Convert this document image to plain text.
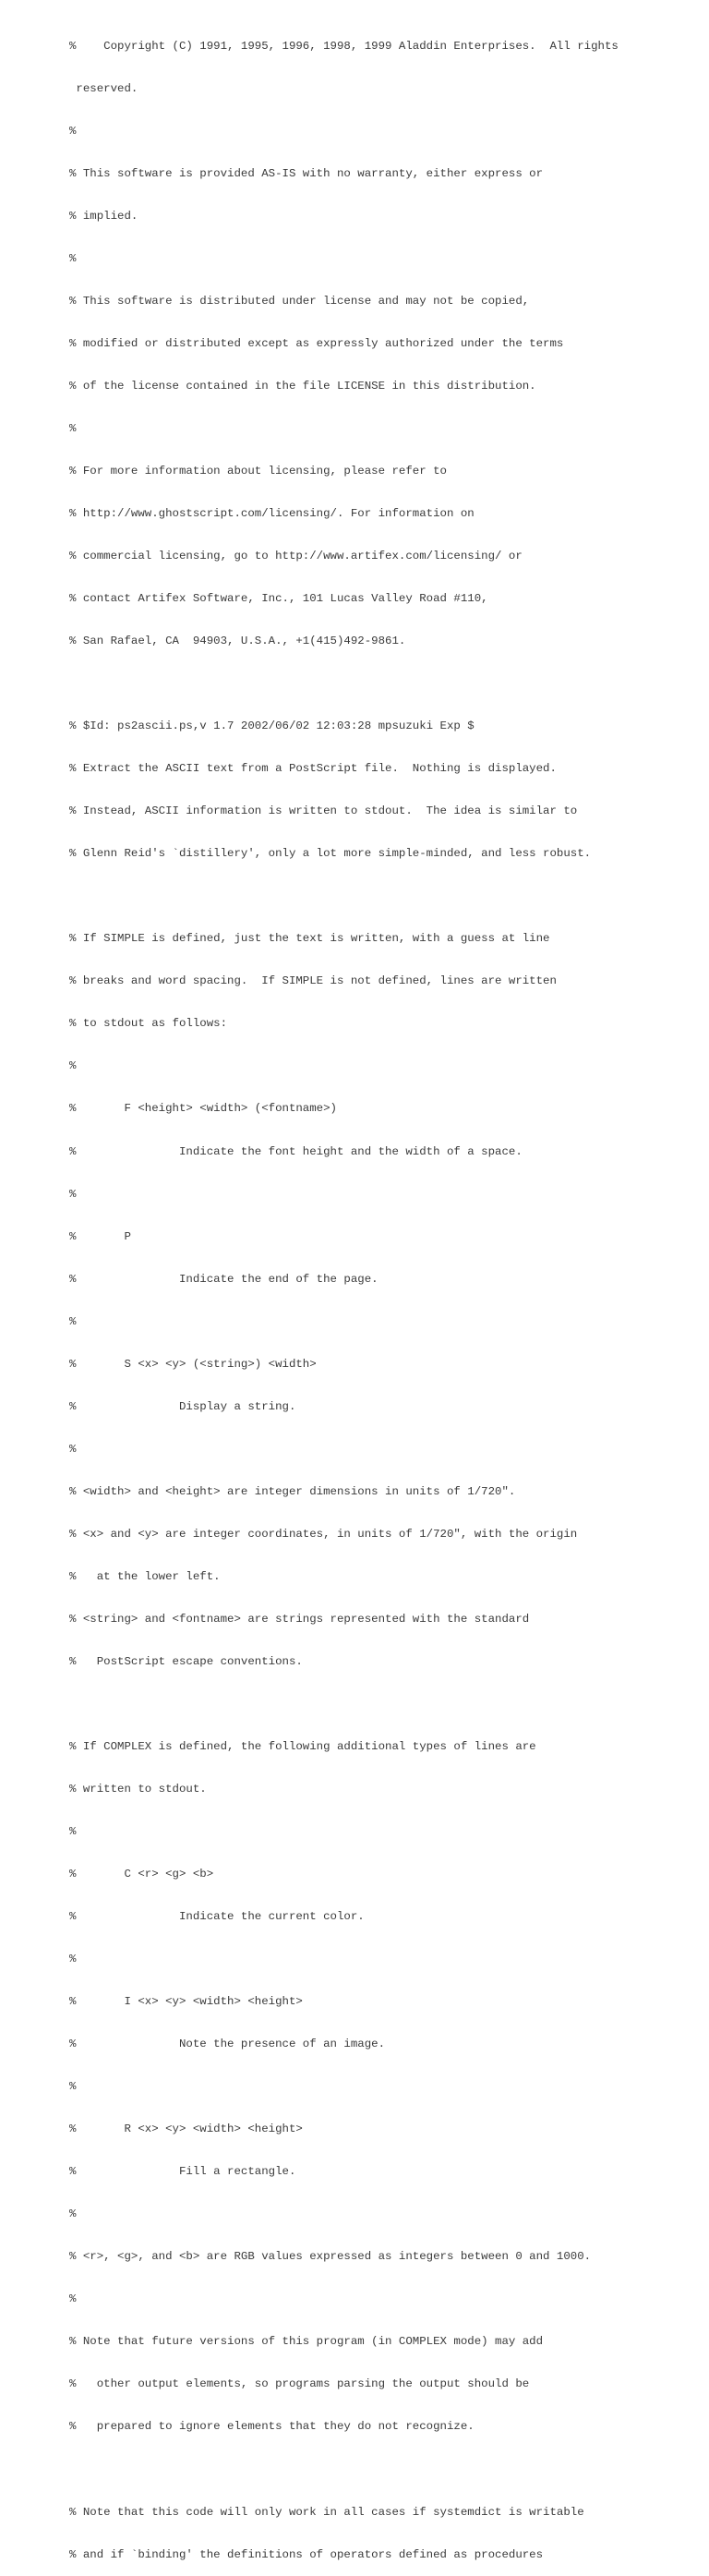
%    Copyright (C) 1991, 1995, 1996, 1998, 1999 Aladdin Enterprises.  All rights

reserved.

%

% This software is provided AS-IS with no warranty, either express or

% implied.

%

% This software is distributed under license and may not be copied,

% modified or distributed except as expressly authorized under the terms

% of the license contained in the file LICENSE in this distribution.

%

% For more information about licensing, please refer to

% http://www.ghostscript.com/licensing/. For information on

% commercial licensing, go to http://www.artifex.com/licensing/ or

% contact Artifex Software, Inc., 101 Lucas Valley Road #110,

% San Rafael, CA  94903, U.S.A., +1(415)492-9861.

% $Id: ps2ascii.ps,v 1.7 2002/06/02 12:03:28 mpsuzuki Exp $

% Extract the ASCII text from a PostScript file.  Nothing is displayed.

% Instead, ASCII information is written to stdout.  The idea is similar to

% Glenn Reid's `distillery', only a lot more simple-minded, and less robust.

% If SIMPLE is defined, just the text is written, with a guess at line

% breaks and word spacing.  If SIMPLE is not defined, lines are written

% to stdout as follows:

%

%       F <height> <width> (<fontname>)

%               Indicate the font height and the width of a space.

%

%       P

%               Indicate the end of the page.

%

%       S <x> <y> (<string>) <width>

%               Display a string.

%

% <width> and <height> are integer dimensions in units of 1/720".

% <x> and <y> are integer coordinates, in units of 1/720", with the origin

%   at the lower left.

% <string> and <fontname> are strings represented with the standard

%   PostScript escape conventions.

% If COMPLEX is defined, the following additional types of lines are

% written to stdout.

%

%       C <r> <g> <b>

%               Indicate the current color.

%

%       I <x> <y> <width> <height>

%               Note the presence of an image.

%

%       R <x> <y> <width> <height>

%               Fill a rectangle.

%

% <r>, <g>, and <b> are RGB values expressed as integers between 0 and 1000.

%

% Note that future versions of this program (in COMPLEX mode) may add

%   other output elements, so programs parsing the output should be

%   prepared to ignore elements that they do not recognize.

% Note that this code will only work in all cases if systemdict is writable

% and if `binding' the definitions of operators defined as procedures
